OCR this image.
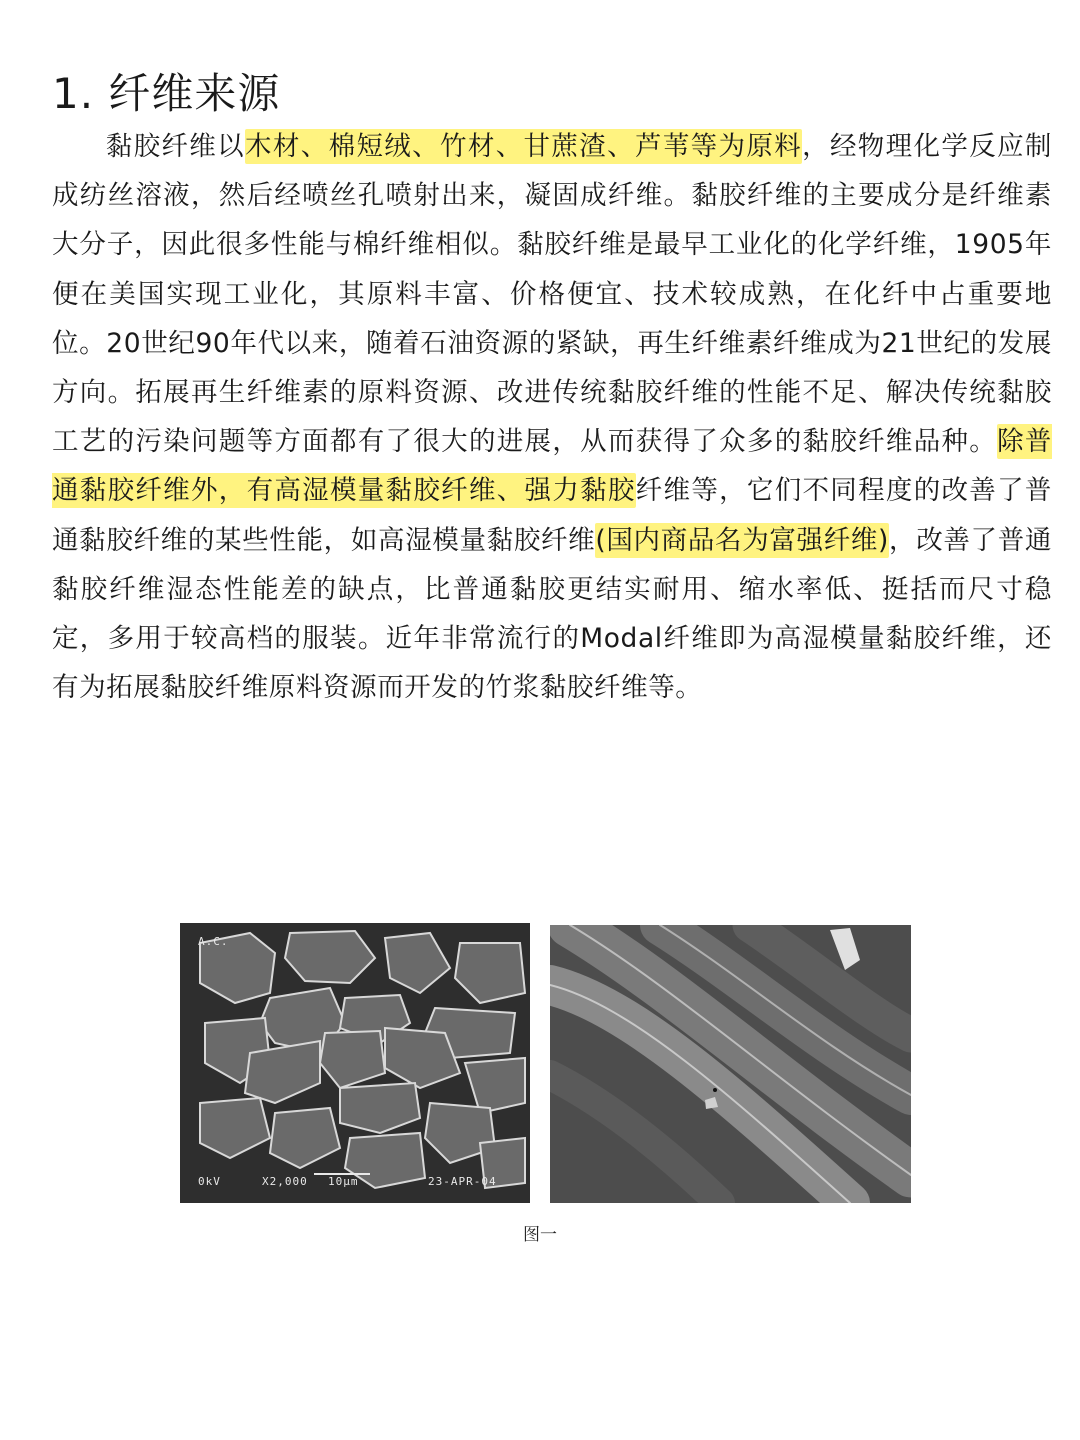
1. 纤维来源

黏胶纤维以木材、棉短绒、竹材、甘蔗渣、芦苇等为原料，经物理化学反应制成纺丝溶液，然后经喷丝孔喷射出来，凝固成纤维。黏胶纤维的主要成分是纤维素大分子，因此很多性能与棉纤维相似。黏胶纤维是最早工业化的化学纤维，1905年便在美国实现工业化，其原料丰富、价格便宜、技术较成熟，在化纤中占重要地位。20世纪90年代以来，随着石油资源的紧缺，再生纤维素纤维成为21世纪的发展方向。拓展再生纤维素的原料资源、改进传统黏胶纤维的性能不足、解决传统黏胶工艺的污染问题等方面都有了很大的进展，从而获得了众多的黏胶纤维品种。除普通黏胶纤维外，有高湿模量黏胶纤维、强力黏胶纤维等，它们不同程度的改善了普通黏胶纤维的某些性能，如高湿模量黏胶纤维(国内商品名为富强纤维)，改善了普通黏胶纤维湿态性能差的缺点，比普通黏胶更结实耐用、缩水率低、挺括而尺寸稳定，多用于较高档的服装。近年非常流行的Modal纤维即为高湿模量黏胶纤维，还有为拓展黏胶纤维原料资源而开发的竹浆黏胶纤维等。

A.C.
0kV	X2,000 10μm	23-APR-04
图一
